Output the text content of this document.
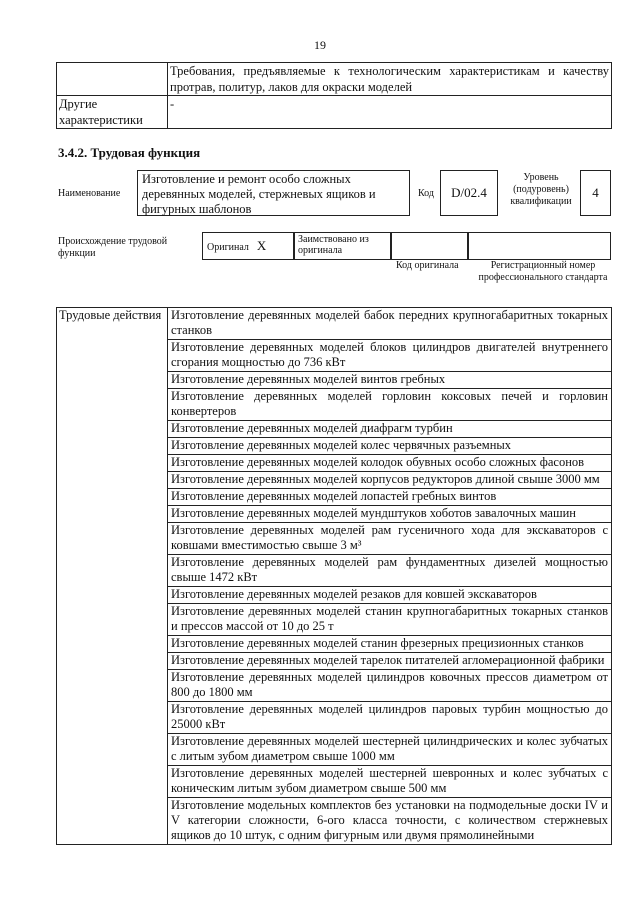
19
	Требования, предъявляемые к технологическим характеристикам и качеству протрав, политур, лаков для окраски моделей
Другие характеристики	-
3.4.2. Трудовая функция
Наименование
Изготовление и ремонт особо сложных деревянных моделей, стержневых ящиков и фигурных шаблонов
Код	D/02.4
Уровень (подуровень) квалификации
4
Происхождение трудовой функции
Оригинал X	Заимствовано из оригинала
Код оригинала	Регистрационный номер профессионального стандарта
Трудовые действия	Изготовление деревянных моделей бабок передних крупногабаритных токарных станков
Изготовление деревянных моделей блоков цилиндров двигателей внутреннего сгорания мощностью до 736 кВт
Изготовление деревянных моделей винтов гребных
Изготовление деревянных моделей горловин коксовых печей и горловин конвертеров
Изготовление деревянных моделей диафрагм турбин
Изготовление деревянных моделей колес червячных разъемных
Изготовление деревянных моделей колодок обувных особо сложных фасонов
Изготовление деревянных моделей корпусов редукторов длиной свыше 3000 мм
Изготовление деревянных моделей лопастей гребных винтов
Изготовление деревянных моделей мундштуков хоботов завалочных машин
Изготовление деревянных моделей рам гусеничного хода для экскаваторов с ковшами вместимостью свыше 3 м³
Изготовление деревянных моделей рам фундаментных дизелей мощностью свыше 1472 кВт
Изготовление деревянных моделей резаков для ковшей экскаваторов
Изготовление деревянных моделей станин крупногабаритных токарных станков и прессов массой от 10 до 25 т
Изготовление деревянных моделей станин фрезерных прецизионных станков
Изготовление деревянных моделей тарелок питателей агломерационной фабрики
Изготовление деревянных моделей цилиндров ковочных прессов диаметром от 800 до 1800 мм
Изготовление деревянных моделей цилиндров паровых турбин мощностью до 25000 кВт
Изготовление деревянных моделей шестерней цилиндрических и колес зубчатых с литым зубом диаметром свыше 1000 мм
Изготовление деревянных моделей шестерней шевронных и колес зубчатых с коническим литым зубом диаметром свыше 500 мм
Изготовление модельных комплектов без установки на подмодельные доски IV и V категории сложности, 6-ого класса точности, с количеством стержневых ящиков до 10 штук, с одним фигурным или двумя прямолинейными
